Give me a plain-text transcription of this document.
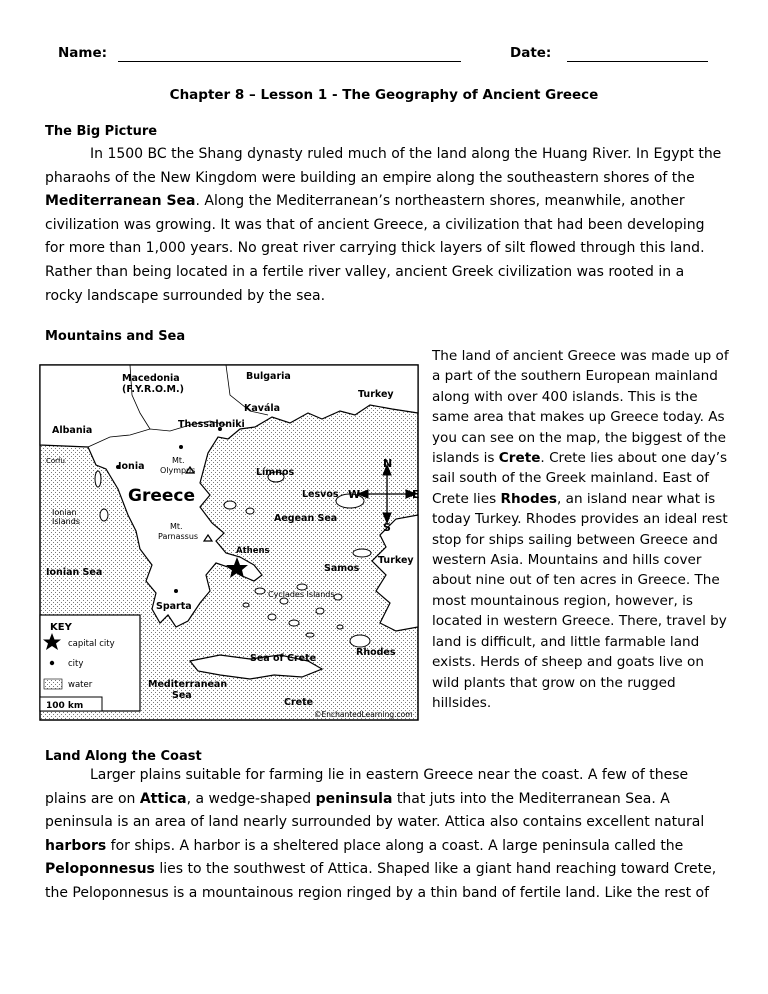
Name:	Date:
Chapter 8 – Lesson 1 - The Geography of Ancient Greece
The Big Picture
In 1500 BC the Shang dynasty ruled much of the land along the Huang River. In Egypt the pharaohs of the New Kingdom were building an empire along the southeastern shores of the Mediterranean Sea. Along the Mediterranean’s northeastern shores, meanwhile, another civilization was growing. It was that of ancient Greece, a civilization that had been developing for more than 1,000 years. No great river carrying thick layers of silt flowed through this land. Rather than being located in a fertile river valley, ancient Greek civilization was rooted in a rocky landscape surrounded by the sea.
Mountains and Sea
The land of ancient Greece was made up of a part of the southern European mainland along with over 400 islands. This is the same area that makes up Greece today. As you can see on the map, the biggest of the islands is Crete. Crete lies about one day’s sail south of the Greek mainland. East of Crete lies Rhodes, an island near what is today Turkey. Rhodes provides an ideal rest stop for ships sailing between Greece and western Asia. Mountains and hills cover about nine out of ten acres in Greece. The most mountainous region, however, is located in western Greece. There, travel by land is difficult, and little farmable land exists. Herds of sheep and goats live on wild plants that grow on the rugged hillsides.
N
S
E
W
Macedonia
(F.Y.R.O.M.)
Bulgaria
Turkey
Kavála
Albania
Thessaloniki
Mt.
Olympus
Ionia
Límnos
Greece	Lesvos
Ionian
Islands	Aegean Sea
Mt.
Parnassus
Athens
Turkey
Ionian Sea	Samos
Cyclades Islands
Sparta
Sea of Crete
Rhodes
Mediterranean
Sea
Crete
©EnchantedLearning.com
Corfu
KEY
capital city
city
water
100 km
Land Along the Coast
Larger plains suitable for farming lie in eastern Greece near the coast. A few of these plains are on Attica, a wedge-shaped peninsula that juts into the Mediterranean Sea. A peninsula is an area of land nearly surrounded by water. Attica also contains excellent natural harbors for ships. A harbor is a sheltered place along a coast. A large peninsula called the Peloponnesus lies to the southwest of Attica. Shaped like a giant hand reaching toward Crete, the Peloponnesus is a mountainous region ringed by a thin band of fertile land. Like the rest of
